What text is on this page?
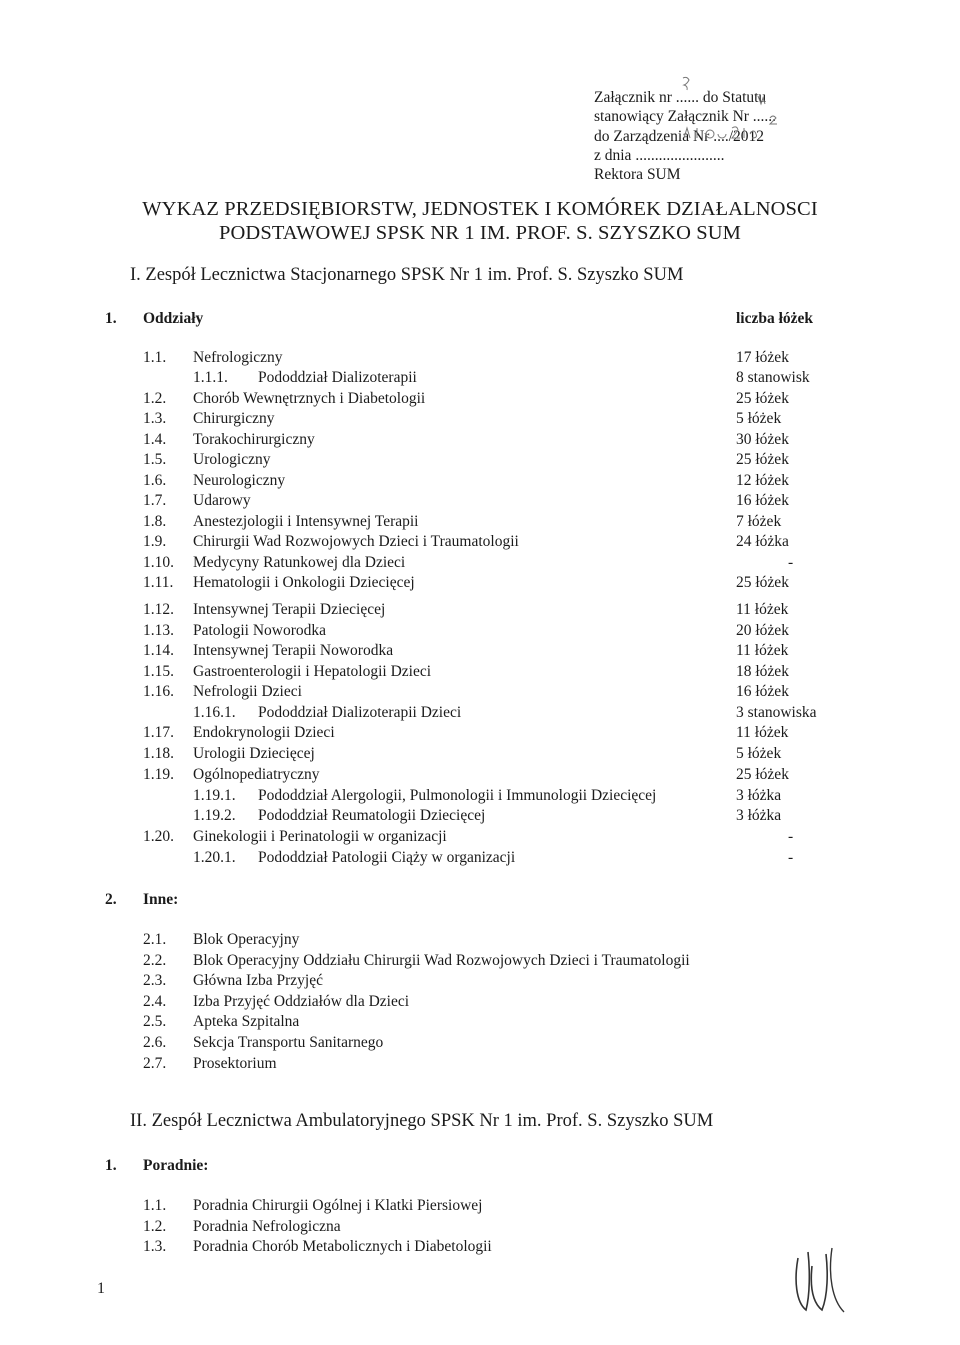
Załącznik nr ...... do Statutu
stanowiący Załącznik Nr ......
do Zarządzenia Nr ..../2012
z dnia .......................
Rektora SUM
WYKAZ PRZEDSIĘBIORSTW, JEDNOSTEK I KOMÓREK DZIAŁALNOSCI
PODSTAWOWEJ SPSK NR 1 IM. PROF. S. SZYSZKO SUM
I. Zespół Lecznictwa Stacjonarnego SPSK Nr 1 im. Prof. S. Szyszko SUM
1. Oddziały	liczba łóżek
1.1. Nefrologiczny	17 łóżek
1.1.1. Pododdział Dializoterapii	8 stanowisk
1.2. Chorób Wewnętrznych i Diabetologii	25 łóżek
1.3. Chirurgiczny	5 łóżek
1.4. Torakochirurgiczny	30 łóżek
1.5. Urologiczny	25 łóżek
1.6. Neurologiczny	12 łóżek
1.7. Udarowy	16 łóżek
1.8. Anestezjologii i Intensywnej Terapii	7 łóżek
1.9. Chirurgii Wad Rozwojowych Dzieci i Traumatologii	24 łóżka
1.10. Medycyny Ratunkowej dla Dzieci	-
1.11. Hematologii i Onkologii Dziecięcej	25 łóżek
1.12. Intensywnej Terapii Dziecięcej	11 łóżek
1.13. Patologii Noworodka	20 łóżek
1.14. Intensywnej Terapii Noworodka	11 łóżek
1.15. Gastroenterologii i Hepatologii Dzieci	18 łóżek
1.16. Nefrologii Dzieci	16 łóżek
1.16.1. Pododdział Dializoterapii Dzieci	3 stanowiska
1.17. Endokrynologii Dzieci	11 łóżek
1.18. Urologii Dziecięcej	5 łóżek
1.19. Ogólnopediatryczny	25 łóżek
1.19.1. Pododdział Alergologii, Pulmonologii i Immunologii Dziecięcej	3 łóżka
1.19.2. Pododdział Reumatologii Dziecięcej	3 łóżka
1.20. Ginekologii i Perinatologii w organizacji	-
1.20.1. Pododdział Patologii Ciąży w organizacji	-
2. Inne:
2.1. Blok Operacyjny
2.2. Blok Operacyjny Oddziału Chirurgii Wad Rozwojowych Dzieci i Traumatologii
2.3. Główna Izba Przyjęć
2.4. Izba Przyjęć Oddziałów dla Dzieci
2.5. Apteka Szpitalna
2.6. Sekcja Transportu Sanitarnego
2.7. Prosektorium
II. Zespół Lecznictwa Ambulatoryjnego SPSK Nr 1 im. Prof. S. Szyszko SUM
1. Poradnie:
1.1. Poradnia Chirurgii Ogólnej i Klatki Piersiowej
1.2. Poradnia Nefrologiczna
1.3. Poradnia Chorób Metabolicznych i Diabetologii
1
